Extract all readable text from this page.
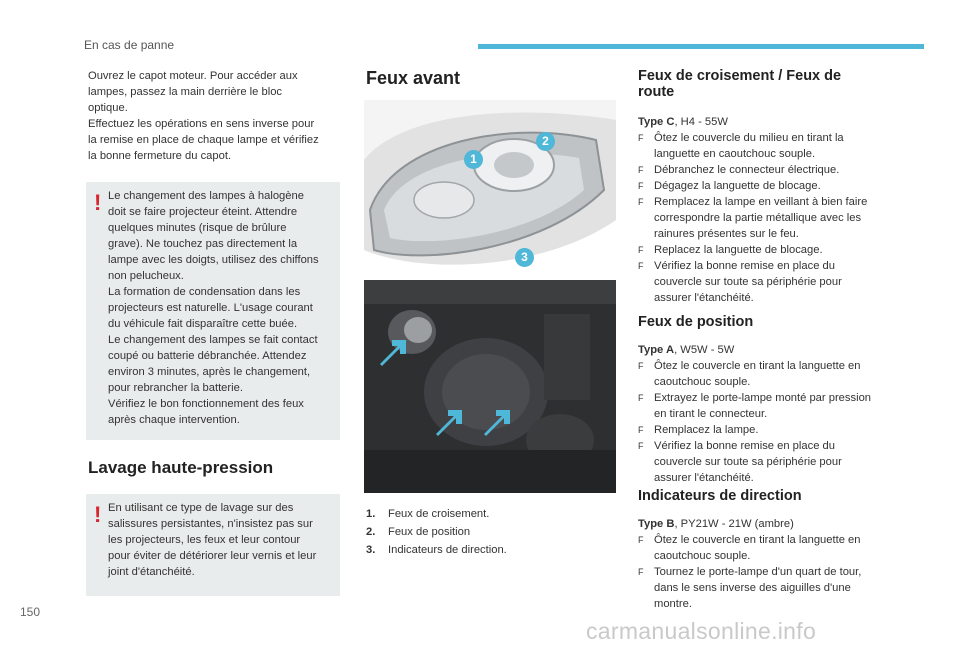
En cas de panne
Ouvrez le capot moteur. Pour accéder aux
lampes, passez la main derrière le bloc
optique.
Effectuez les opérations en sens inverse pour
la remise en place de chaque lampe et vérifiez
la bonne fermeture du capot.
! Le changement des lampes à halogène
doit se faire projecteur éteint. Attendre
quelques minutes (risque de brûlure
grave). Ne touchez pas directement la
lampe avec les doigts, utilisez des chiffons
non pelucheux.
La formation de condensation dans les
projecteurs est naturelle. L'usage courant
du véhicule fait disparaître cette buée.
Le changement des lampes se fait contact
coupé ou batterie débranchée. Attendez
environ 3 minutes, après le changement,
pour rebrancher la batterie.
Vérifiez le bon fonctionnement des feux
après chaque intervention.
Lavage haute-pression
! En utilisant ce type de lavage sur des
salissures persistantes, n'insistez pas sur
les projecteurs, les feux et leur contour
pour éviter de détériorer leur vernis et leur
joint d'étanchéité.
Feux avant
1
2
3
1. Feux de croisement.
2. Feux de position
3. Indicateurs de direction.
Feux de croisement / Feux de
route
Type C, H4 - 55W
F Ôtez le couvercle du milieu en tirant la
languette en caoutchouc souple.
F Débranchez le connecteur électrique.
F Dégagez la languette de blocage.
F Remplacez la lampe en veillant à bien faire
correspondre la partie métallique avec les
rainures présentes sur le feu.
F Replacez la languette de blocage.
F Vérifiez la bonne remise en place du
couvercle sur toute sa périphérie pour
assurer l'étanchéité.
Feux de position
Type A, W5W - 5W
F Ôtez le couvercle en tirant la languette en
caoutchouc souple.
F Extrayez le porte-lampe monté par pression
en tirant le connecteur.
F Remplacez la lampe.
F Vérifiez la bonne remise en place du
couvercle sur toute sa périphérie pour
assurer l'étanchéité.
Indicateurs de direction
Type B, PY21W - 21W (ambre)
F Ôtez le couvercle en tirant la languette en
caoutchouc souple.
F Tournez le porte-lampe d'un quart de tour,
dans le sens inverse des aiguilles d'une
montre.
150
carmanualsonline.info
